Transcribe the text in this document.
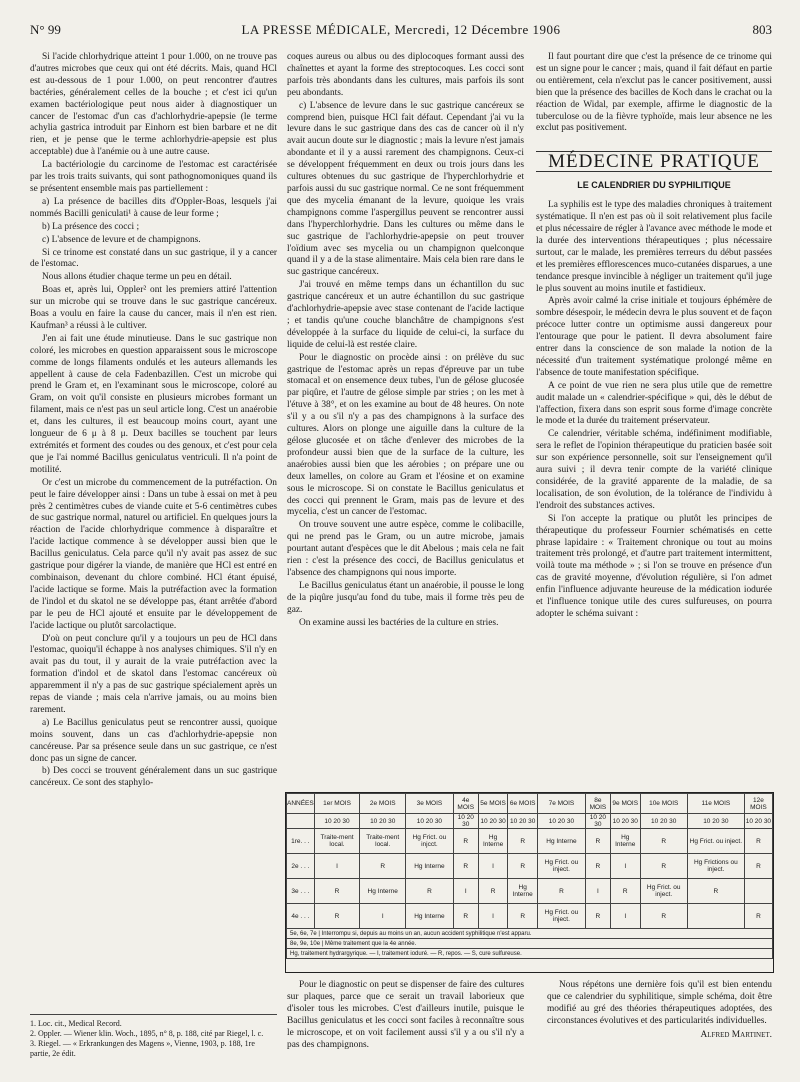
N° 99	LA PRESSE MÉDICALE, Mercredi, 12 Décembre 1906	803

Si l'acide chlorhydrique atteint 1 pour 1.000, on ne trouve pas d'autres microbes que ceux qui ont été décrits. Mais, quand HCl est au-dessous de 1 pour 1.000, on peut rencontrer d'autres bactéries, généralement celles de la bouche ; et c'est ici qu'un examen bactériologique peut nous aider à diagnostiquer un cancer de l'estomac d'un cas d'achlorhydrie-apepsie (le terme achylia gastrica introduit par Einhorn est bien barbare et ne dit rien, et je pense que le terme achlorhydrie-apepsie est plus acceptable) due à l'anémie ou à une autre cause.

La bactériologie du carcinome de l'estomac est caractérisée par les trois traits suivants, qui sont pathognomoniques quand ils se présentent ensemble mais pas partiellement :

a) La présence de bacilles dits d'Oppler-Boas, lesquels j'ai nommés Bacilli geniculati¹ à cause de leur forme ;

b) La présence des cocci ;

c) L'absence de levure et de champignons.

Si ce trinome est constaté dans un suc gastrique, il y a cancer de l'estomac.

Nous allons étudier chaque terme un peu en détail.

Boas et, après lui, Oppler² ont les premiers attiré l'attention sur un microbe qui se trouve dans le suc gastrique cancéreux. Boas a voulu en faire la cause du cancer, mais il n'en est rien. Kaufman³ a réussi à le cultiver.

J'en ai fait une étude minutieuse. Dans le suc gastrique non coloré, les microbes en question apparaissent sous le microscope comme de longs filaments ondulés et les auteurs allemands les appellent à cause de cela Fadenbazillen. C'est un microbe qui prend le Gram et, en l'examinant sous le microscope, coloré au Gram, on voit qu'il consiste en plusieurs microbes formant un filament, mais ce n'est pas un seul article long. C'est un anaérobie et, dans les cultures, il est beaucoup moins court, ayant une longueur de 6 μ à 8 μ. Deux bacilles se touchent par leurs extrémités et forment des coudes ou des genoux, et c'est pour cela que je l'ai nommé Bacillus geniculatus ventriculi. Il n'a point de motilité.

Or c'est un microbe du commencement de la putréfaction. On peut le faire développer ainsi : Dans un tube à essai on met à peu près 2 centimètres cubes de viande cuite et 5-6 centimètres cubes de suc gastrique normal, naturel ou artificiel. En quelques jours la réaction de l'acide chlorhydrique commence à disparaître et l'acide lactique commence à se développer aussi bien que le Bacillus geniculatus. Cela parce qu'il n'y avait pas assez de suc gastrique pour digérer la viande, de manière que HCl est entré en combinaison, devenant du chlore combiné. HCl étant épuisé, l'acide lactique se forme. Mais la putréfaction avec la formation de l'indol et du skatol ne se développe pas, étant arrêtée d'abord par le peu de HCl ajouté et ensuite par le développement de l'acide lactique ou plutôt sarcolactique.

D'où on peut conclure qu'il y a toujours un peu de HCl dans l'estomac, quoiqu'il échappe à nos analyses chimiques. S'il n'y en avait pas du tout, il y aurait de la vraie putréfaction avec la formation d'indol et de skatol dans l'estomac cancéreux où apparemment il n'y a pas de suc gastrique spécialement après un repas de viande ; mais cela n'arrive jamais, ou au moins bien rarement.

a) Le Bacillus geniculatus peut se rencontrer aussi, quoique moins souvent, dans un cas d'achlorhydrie-apepsie non cancéreuse. Par sa présence seule dans un suc gastrique, ce n'est donc pas un signe de cancer.

b) Des cocci se trouvent généralement dans un suc gastrique cancéreux. Ce sont des staphylo-

coques aureus ou albus ou des diplocoques formant aussi des chaînettes et ayant la forme des streptocoques. Les cocci sont parfois très abondants dans les cultures, mais parfois ils sont peu abondants.

c) L'absence de levure dans le suc gastrique cancéreux se comprend bien, puisque HCl fait défaut. Cependant j'ai vu la levure dans le suc gastrique dans des cas de cancer où il n'y avait aucun doute sur le diagnostic ; mais la levure n'est jamais abondante et il y a aussi rarement des champignons. Ceux-ci se développent fréquemment en deux ou trois jours dans les cultures obtenues du suc gastrique de l'hyperchlorhydrie et parfois aussi du suc gastrique normal. Ce ne sont fréquemment que des mycelia émanant de la levure, quoique les vrais champignons comme l'aspergillus peuvent se rencontrer aussi dans l'hyperchlorhydrie. Dans les cultures ou même dans le suc gastrique de l'achlorhydrie-apepsie on peut trouver l'oïdium avec ses mycelia ou un champignon quelconque quand il y a de la stase alimentaire. Mais cela bien rare dans le suc gastrique cancéreux.

J'ai trouvé en même temps dans un échantillon du suc gastrique cancéreux et un autre échantillon du suc gastrique d'achlorhydrie-apepsie avec stase contenant de l'acide lactique ; et tandis qu'une couche blanchâtre de champignons s'est développée à la surface du liquide de celui-ci, la surface du liquide de celui-là est restée claire.

Pour le diagnostic on procède ainsi : on prélève du suc gastrique de l'estomac après un repas d'épreuve par un tube stomacal et on ensemence deux tubes, l'un de gélose glucosée par piqûre, et l'autre de gélose simple par stries ; on les met à l'étuve à 38°, et on les examine au bout de 48 heures. On note s'il y a ou s'il n'y a pas des champignons à la surface des cultures. Alors on plonge une aiguille dans la culture de la gélose glucosée et on tâche d'enlever des microbes de la profondeur aussi bien que de la surface de la culture, les anaérobies aussi bien que les aérobies ; on prépare une ou deux lamelles, on colore au Gram et l'éosine et on examine sous le microscope. Si on constate le Bacillus geniculatus et des cocci qui prennent le Gram, mais pas de levure et des mycelia, c'est un cancer de l'estomac.

On trouve souvent une autre espèce, comme le colibacille, qui ne prend pas le Gram, ou un autre microbe, jamais pourtant autant d'espèces que le dit Abelous ; mais cela ne fait rien : c'est la présence des cocci, de Bacillus geniculatus et l'absence des champignons qui nous importe.

Le Bacillus geniculatus étant un anaérobie, il pousse le long de la piqûre jusqu'au fond du tube, mais il forme très peu de gaz.

On examine aussi les bactéries de la culture en stries.

Il faut pourtant dire que c'est la présence de ce trinome qui est un signe pour le cancer ; mais, quand il fait défaut en partie ou entièrement, cela n'exclut pas le cancer positivement, aussi bien que la présence des bacilles de Koch dans le crachat ou la réaction de Widal, par exemple, affirme le diagnostic de la tuberculose ou de la fièvre typhoïde, mais leur absence ne les exclut pas positivement.

MÉDECINE PRATIQUE
LE CALENDRIER DU SYPHILITIQUE

La syphilis est le type des maladies chroniques à traitement systématique. Il n'en est pas où il soit relativement plus facile et plus nécessaire de régler à l'avance avec méthode le mode et la durée des interventions thérapeutiques ; plus nécessaire surtout, car le malade, les premières terreurs du début passées et les premières efflorescences muco-cutanées disparues, a une tendance presque invincible à négliger un traitement qu'il juge le plus souvent au moins inutile et fastidieux.

Après avoir calmé la crise initiale et toujours éphémère de sombre désespoir, le médecin devra le plus souvent et de façon précoce lutter contre un optimisme aussi dangereux pour l'entourage que pour le patient. Il devra absolument faire entrer dans la conscience de son malade la notion de la nécessité d'un traitement systématique prolongé même en l'absence de toute manifestation spécifique.

A ce point de vue rien ne sera plus utile que de remettre audit malade un « calendrier-spécifique » qui, dès le début de l'affection, fixera dans son esprit sous forme d'image concrète le mode et la durée du traitement préservateur.

Ce calendrier, véritable schéma, indéfiniment modifiable, sera le reflet de l'opinion thérapeutique du praticien basée soit sur son expérience personnelle, soit sur l'enseignement qu'il aura suivi ; il devra tenir compte de la variété clinique considérée, de la gravité apparente de la maladie, de sa localisation, de son évolution, de la tolérance de l'individu à l'endroit des substances actives.

Si l'on accepte la pratique ou plutôt les principes de thérapeutique du professeur Fournier schématisés en cette phrase lapidaire : « Traitement chronique ou tout au moins traitement très prolongé, et d'autre part traitement intermittent, voilà toute ma méthode » ; si l'on se trouve en présence d'un cas de gravité moyenne, d'évolution régulière, si l'on admet enfin l'influence adjuvante heureuse de la médication iodurée et l'influence tonique utile des cures sulfureuses, on pourra adopter le schéma suivant :

ANNÉES	1er MOIS	2e MOIS	3e MOIS	4e MOIS	5e MOIS	6e MOIS	7e MOIS	8e MOIS	9e MOIS	10e MOIS	11e MOIS	12e MOIS
	10 20 30	10 20 30	10 20 30	10 20 30	10 20 30	10 20 30	10 20 30	10 20 30	10 20 30	10 20 30	10 20 30	10 20 30
1re. . .	Traite-ment local.	Traite-ment local.	Hg Frict. ou injcct.	R	Hg Interne	R	Hg Interne	R	Hg Interne	R	Hg Frict. ou inject.	R
2e . . .	I	R	Hg Interne	R	I	R	Hg Frict. ou inject.	R	I	R	Hg Frictions ou inject.	R
3e . . .	R	Hg Interne	R	I	R	Hg Interne	R	I	R	Hg Frict. ou inject.	R	
4e . . .	R	I	Hg Interne	R	I	R	Hg Frict. ou inject.	R	I	R		R
5e, 6e, 7e | Interrompu si, depuis au moins un an, aucun accident syphilitique n'est apparu.												
8e, 9e, 10e | Même traitement que la 4e année.												
Hg, traitement hydrargyrique. — I, traitement ioduré. — R, repos. — S, cure sulfureuse.												

Pour le diagnostic on peut se dispenser de faire des cultures sur plaques, parce que ce serait un travail laborieux que d'isoler tous les microbes. C'est d'ailleurs inutile, puisque le Bacillus geniculatus et les cocci sont faciles à reconnaître sous le microscope, et on voit facilement aussi s'il y a ou s'il n'y a pas des champignons.

Nous répétons une dernière fois qu'il est bien entendu que ce calendrier du syphilitique, simple schéma, doit être modifié au gré des théories thérapeutiques adoptées, des circonstances évolutives et des particularités individuelles.

Alfred Martinet.
1. Loc. cit., Medical Record.
2. Oppler. — Wiener klin. Woch., 1895, n° 8, p. 188, cité par Riegel, l. c.
3. Riegel. — « Erkrankungen des Magens », Vienne, 1903, p. 188, 1re partie, 2e édit.
